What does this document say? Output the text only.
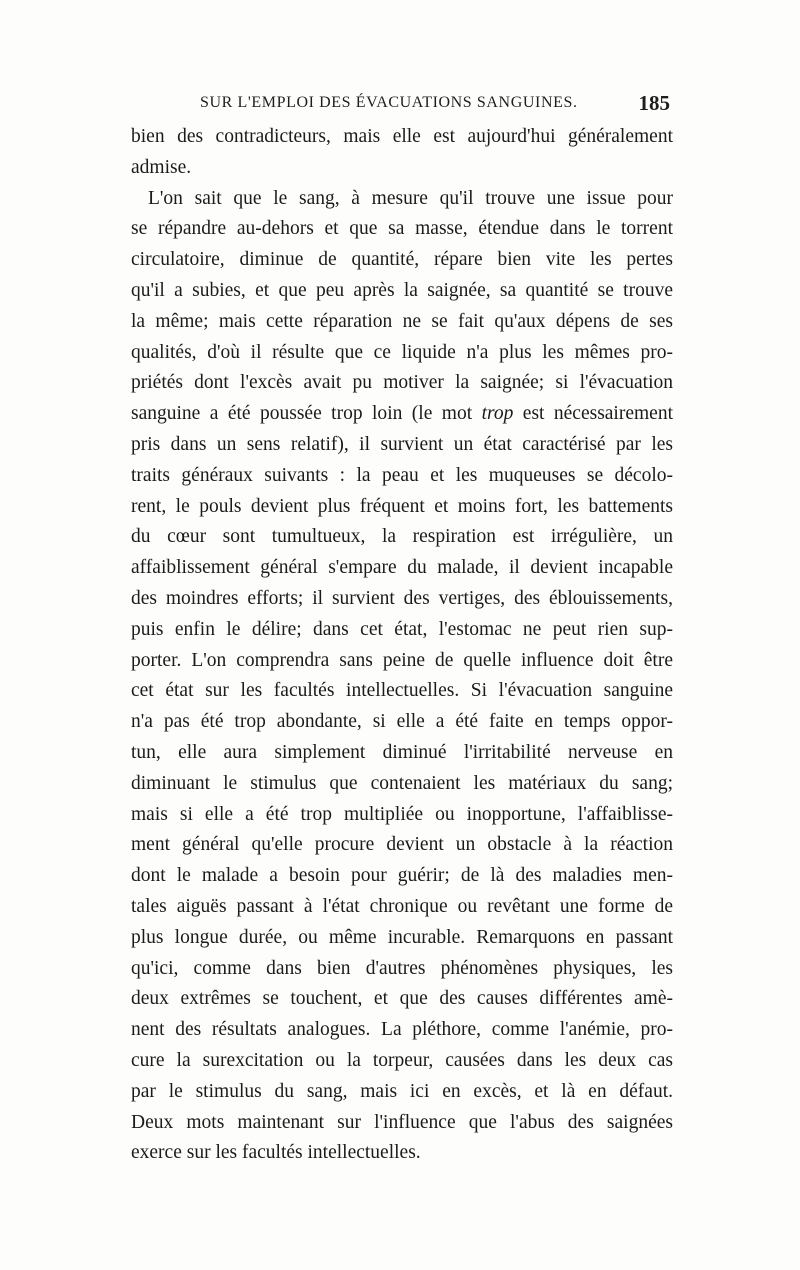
SUR L'EMPLOI DES ÉVACUATIONS SANGUINES.	185
bien des contradicteurs, mais elle est aujourd'hui généralement
admise.
L'on sait que le sang, à mesure qu'il trouve une issue pour
se répandre au-dehors et que sa masse, étendue dans le torrent
circulatoire, diminue de quantité, répare bien vite les pertes
qu'il a subies, et que peu après la saignée, sa quantité se trouve
la même; mais cette réparation ne se fait qu'aux dépens de ses
qualités, d'où il résulte que ce liquide n'a plus les mêmes pro-
priétés dont l'excès avait pu motiver la saignée; si l'évacuation
sanguine a été poussée trop loin (le mot trop est nécessairement
pris dans un sens relatif), il survient un état caractérisé par les
traits généraux suivants : la peau et les muqueuses se décolo-
rent, le pouls devient plus fréquent et moins fort, les battements
du cœur sont tumultueux, la respiration est irrégulière, un
affaiblissement général s'empare du malade, il devient incapable
des moindres efforts; il survient des vertiges, des éblouissements,
puis enfin le délire; dans cet état, l'estomac ne peut rien sup-
porter. L'on comprendra sans peine de quelle influence doit être
cet état sur les facultés intellectuelles. Si l'évacuation sanguine
n'a pas été trop abondante, si elle a été faite en temps oppor-
tun, elle aura simplement diminué l'irritabilité nerveuse en
diminuant le stimulus que contenaient les matériaux du sang;
mais si elle a été trop multipliée ou inopportune, l'affaiblisse-
ment général qu'elle procure devient un obstacle à la réaction
dont le malade a besoin pour guérir; de là des maladies men-
tales aiguës passant à l'état chronique ou revêtant une forme de
plus longue durée, ou même incurable. Remarquons en passant
qu'ici, comme dans bien d'autres phénomènes physiques, les
deux extrêmes se touchent, et que des causes différentes amè-
nent des résultats analogues. La pléthore, comme l'anémie, pro-
cure la surexcitation ou la torpeur, causées dans les deux cas
par le stimulus du sang, mais ici en excès, et là en défaut.
Deux mots maintenant sur l'influence que l'abus des saignées
exerce sur les facultés intellectuelles.
